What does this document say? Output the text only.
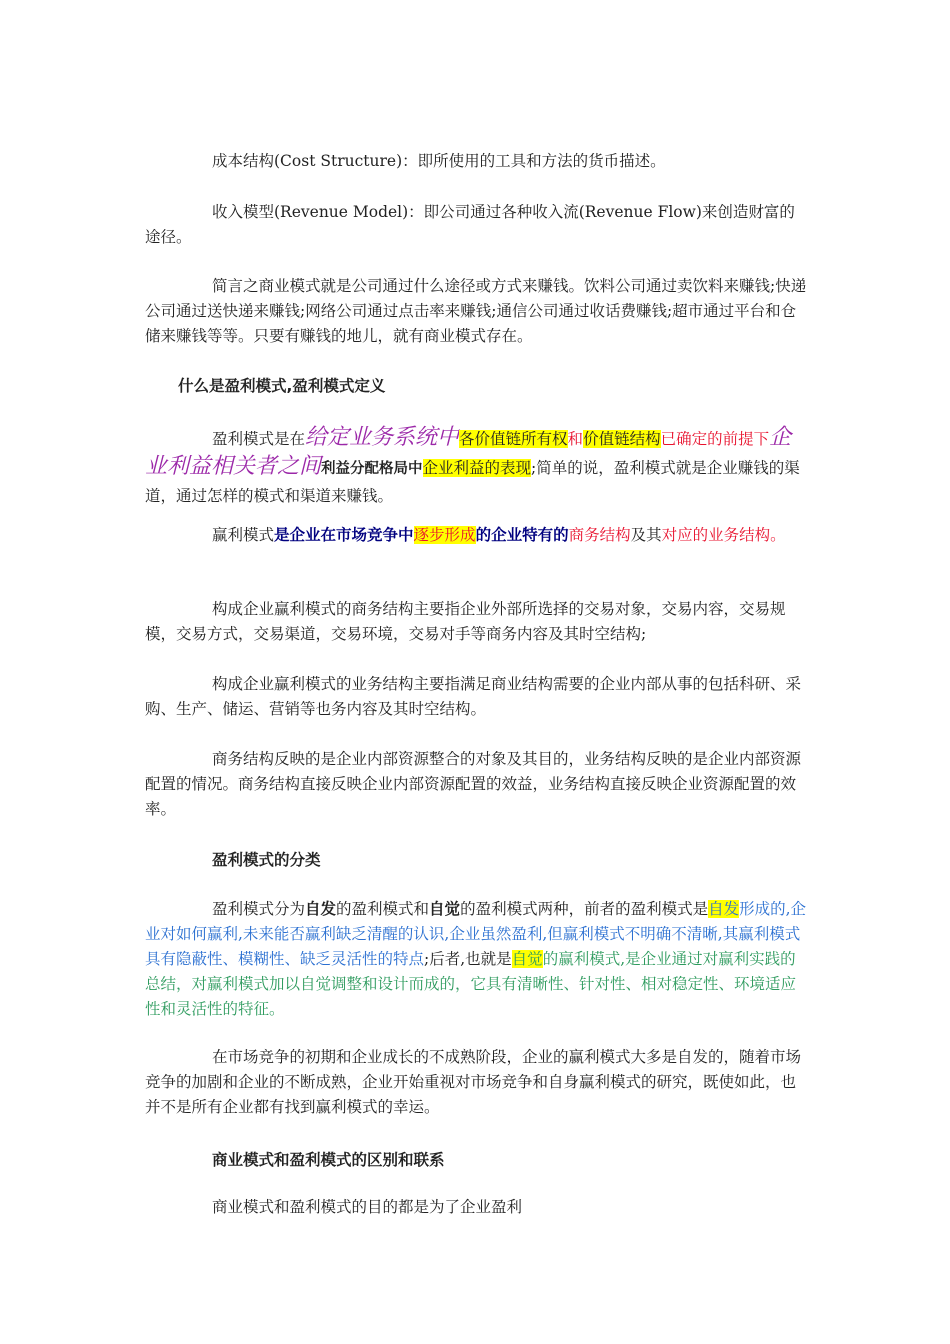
成本结构(Cost Structure)：即所使用的工具和方法的货币描述。

收入模型(Revenue Model)：即公司通过各种收入流(Revenue Flow)来创造财富的途径。

简言之商业模式就是公司通过什么途径或方式来赚钱。饮料公司通过卖饮料来赚钱;快递公司通过送快递来赚钱;网络公司通过点击率来赚钱;通信公司通过收话费赚钱;超市通过平台和仓储来赚钱等等。只要有赚钱的地儿，就有商业模式存在。

什么是盈利模式,盈利模式定义

盈利模式是在给定业务系统中各价值链所有权和价值链结构已确定的前提下企业利益相关者之间利益分配格局中企业利益的表现;简单的说，盈利模式就是企业赚钱的渠道，通过怎样的模式和渠道来赚钱。

赢利模式是企业在市场竞争中逐步形成的企业特有的商务结构及其对应的业务结构。

构成企业赢利模式的商务结构主要指企业外部所选择的交易对象，交易内容，交易规模，交易方式，交易渠道，交易环境，交易对手等商务内容及其时空结构;

构成企业赢利模式的业务结构主要指满足商业结构需要的企业内部从事的包括科研、采购、生产、储运、营销等也务内容及其时空结构。

商务结构反映的是企业内部资源整合的对象及其目的，业务结构反映的是企业内部资源配置的情况。商务结构直接反映企业内部资源配置的效益，业务结构直接反映企业资源配置的效率。

盈利模式的分类

盈利模式分为自发的盈利模式和自觉的盈利模式两种，前者的盈利模式是自发形成的,企业对如何赢利,未来能否赢利缺乏清醒的认识,企业虽然盈利,但赢利模式不明确不清晰,其赢利模式具有隐蔽性、模糊性、缺乏灵活性的特点;后者,也就是自觉的赢利模式,是企业通过对赢利实践的总结，对赢利模式加以自觉调整和设计而成的，它具有清晰性、针对性、相对稳定性、环境适应性和灵活性的特征。

在市场竞争的初期和企业成长的不成熟阶段，企业的赢利模式大多是自发的，随着市场竞争的加剧和企业的不断成熟，企业开始重视对市场竞争和自身赢利模式的研究，既使如此，也并不是所有企业都有找到赢利模式的幸运。

商业模式和盈利模式的区别和联系

商业模式和盈利模式的目的都是为了企业盈利
